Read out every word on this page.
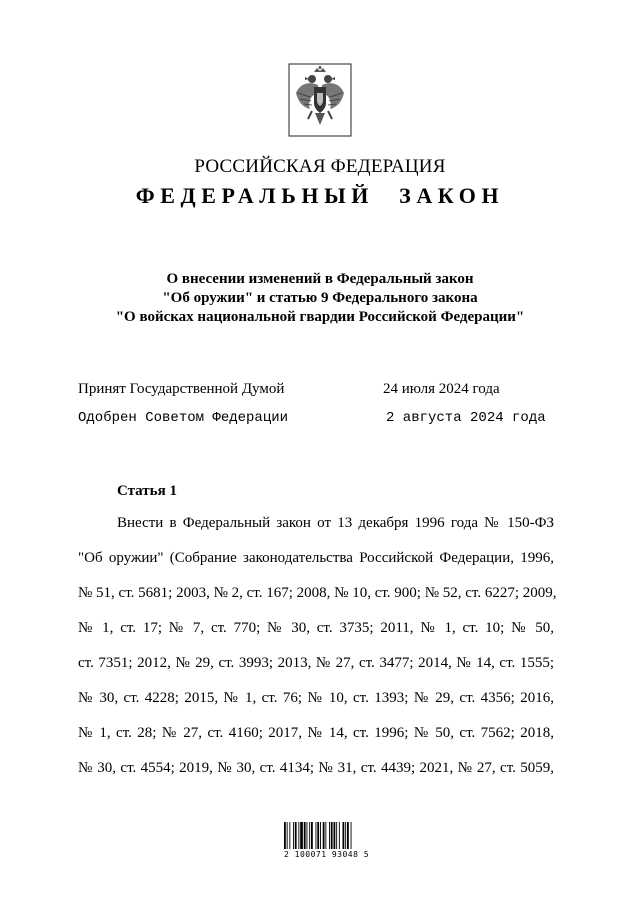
РОССИЙСКАЯ ФЕДЕРАЦИЯ
ФЕДЕРАЛЬНЫЙ ЗАКОН
О внесении изменений в Федеральный закон
"Об оружии" и статью 9 Федерального закона
"О войсках национальной гвардии Российской Федерации"
Принят Государственной Думой	24 июля 2024 года
Одобрен Советом Федерации	2 августа 2024 года
Статья 1
Внести в Федеральный закон от 13 декабря 1996 года № 150-ФЗ
"Об оружии" (Собрание законодательства Российской Федерации, 1996,
№ 51, ст. 5681; 2003, № 2, ст. 167; 2008, № 10, ст. 900; № 52, ст. 6227; 2009,
№ 1, ст. 17; № 7, ст. 770; № 30, ст. 3735; 2011, № 1, ст. 10; № 50,
ст. 7351; 2012, № 29, ст. 3993; 2013, № 27, ст. 3477; 2014, № 14, ст. 1555;
№ 30, ст. 4228; 2015, № 1, ст. 76; № 10, ст. 1393; № 29, ст. 4356; 2016,
№ 1, ст. 28; № 27, ст. 4160; 2017, № 14, ст. 1996; № 50, ст. 7562; 2018,
№ 30, ст. 4554; 2019, № 30, ст. 4134; № 31, ст. 4439; 2021, № 27, ст. 5059,
2 100071 93048 5
